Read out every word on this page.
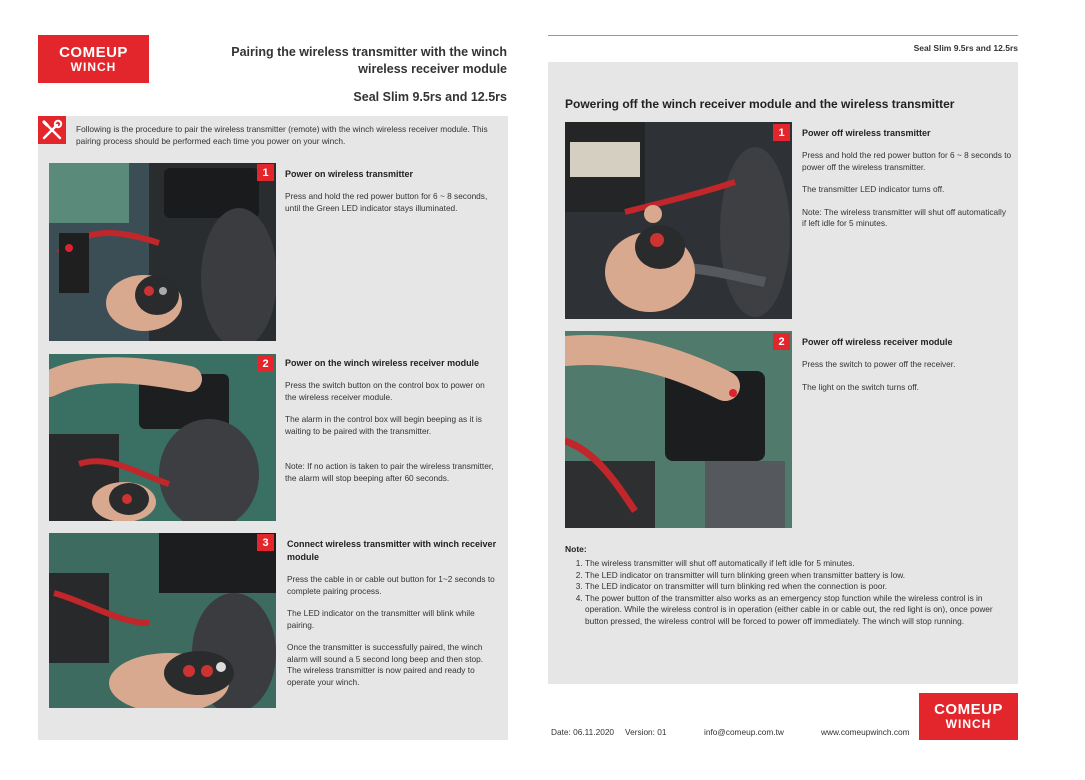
COMEUP
WINCH
Pairing the wireless transmitter with the winch
wireless receiver module
Seal Slim 9.5rs and 12.5rs
Following is the procedure to pair the wireless transmitter (remote) with the winch wireless receiver module. This pairing process should be performed each time you power on your winch.
1	Power on wireless transmitter

Press and hold the red power button for 6 ~ 8 seconds, until the Green LED indicator stays illuminated.

2	Power on the winch wireless receiver module

Press the switch button on the control box to power on the wireless receiver module.

The alarm in the control box will begin beeping as it is waiting to be paired with the transmitter.

Note: If no action is taken to pair the wireless transmitter, the alarm will stop beeping after 60 seconds.

3	Connect wireless transmitter with winch receiver module

Press the cable in or cable out button for 1~2 seconds to complete pairing process.

The LED indicator on the transmitter will blink while pairing.

Once the transmitter is successfully paired, the winch alarm will sound a 5 second long beep and then stop. The wireless transmitter is now paired and ready to operate your winch.

Seal Slim 9.5rs and 12.5rs
Powering off the winch receiver module and the wireless transmitter
1	Power off wireless transmitter

Press and hold the red power button for 6 ~ 8 seconds to power off the wireless transmitter.

The transmitter LED indicator turns off.

Note: The wireless transmitter will shut off automatically if left idle for 5 minutes.

2	Power off wireless receiver module

Press the switch to power off the receiver.

The light on the switch turns off.

Note:
1. The wireless transmitter will shut off automatically if left idle for 5 minutes.
2. The LED indicator on transmitter will turn blinking green when transmitter battery is low.
3. The LED indicator on transmitter will turn blinking red when the connection is poor.
4. The power button of the transmitter also works as an emergency stop function while the wireless control is in operation. While the wireless control is in operation (either cable in or cable out, the red light is on), once power button pressed, the wireless control will be forced to power off immediately. The winch will stop running.
Date: 06.11.2020 Version: 01	info@comeup.com.tw	www.comeupwinch.com
COMEUP
WINCH
